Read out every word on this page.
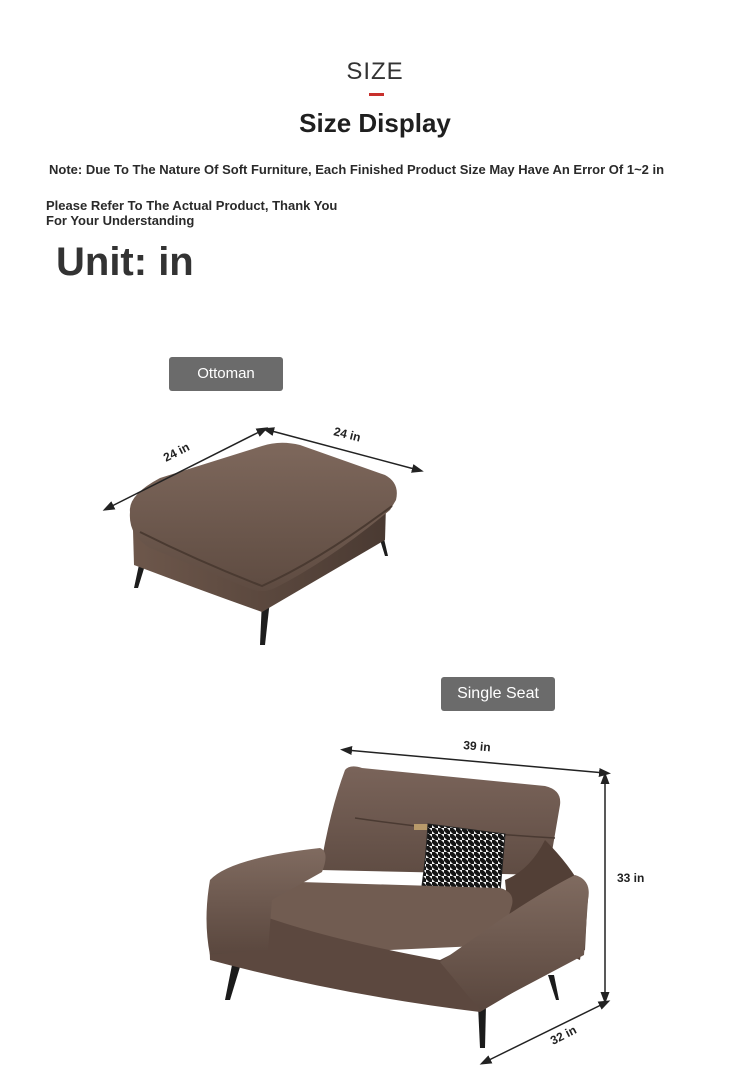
SIZE
Size Display
Note: Due To The Nature Of Soft Furniture, Each Finished Product Size May Have An Error Of 1~2 in
Please Refer To The Actual Product, Thank You
For Your Understanding
Unit: in
Ottoman
Single Seat
24 in
24 in
39 in
33 in
32 in
